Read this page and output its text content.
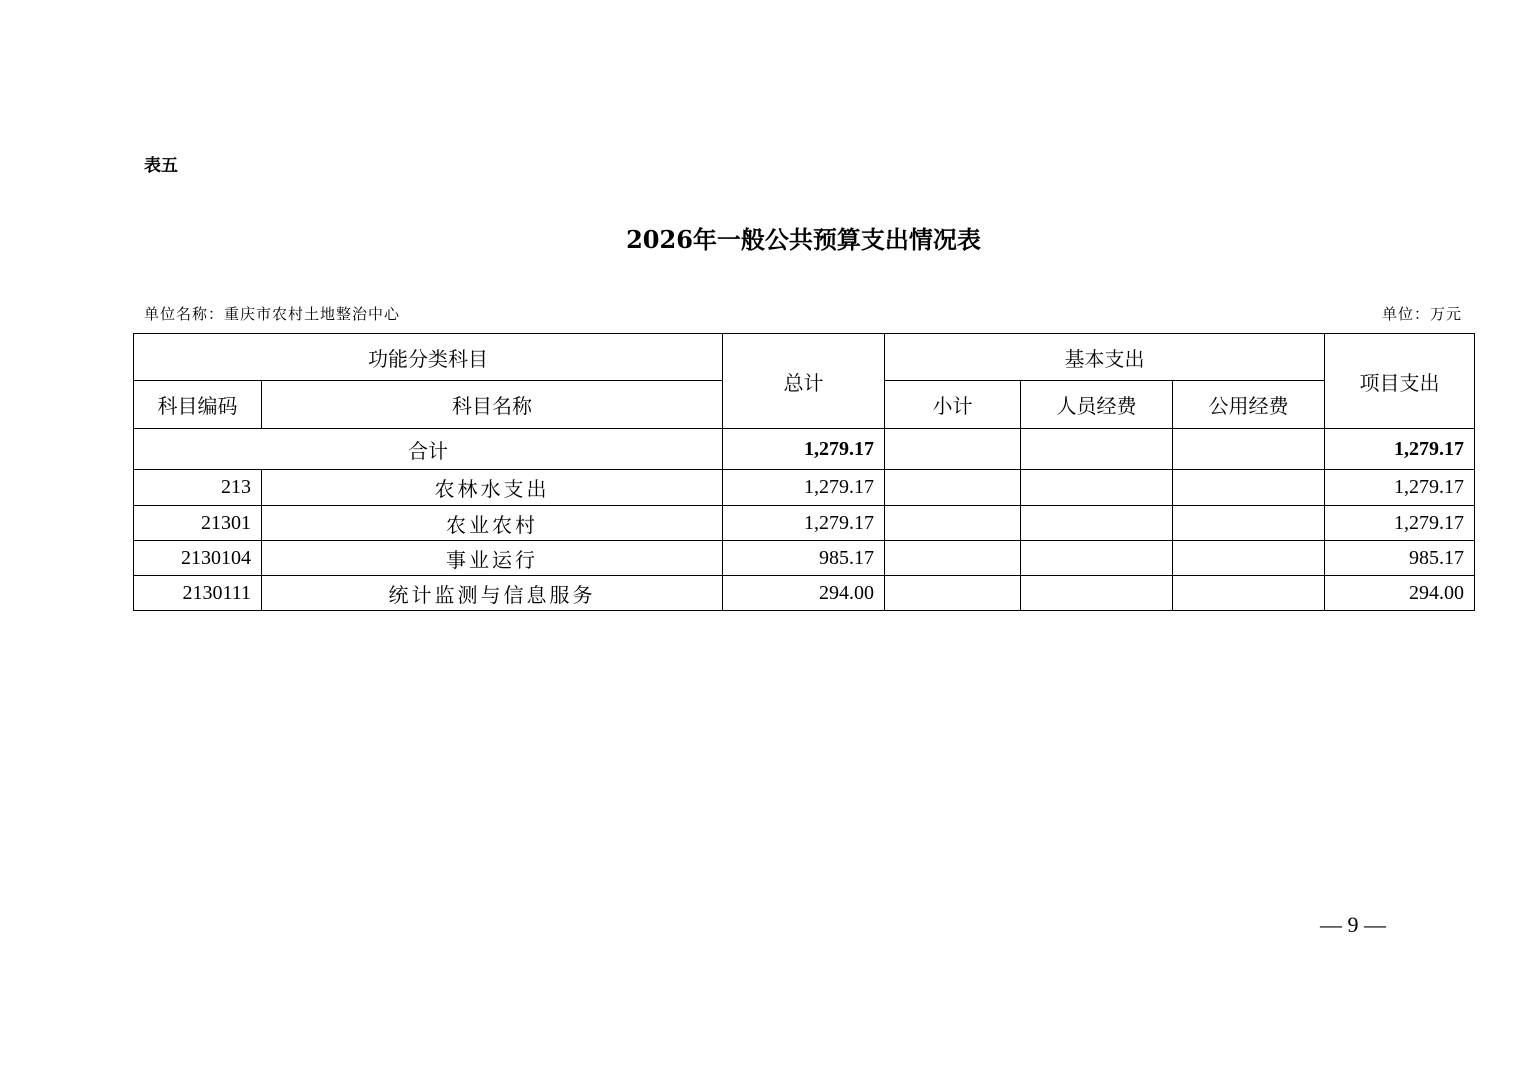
表五
2026年一般公共预算支出情况表
单位名称：重庆市农村土地整治中心	单位：万元
功能分类科目		总计	基本支出			项目支出
科目编码	科目名称		小计	人员经费	公用经费	
合计		1,279.17				1,279.17
213	农林水支出	1,279.17				1,279.17
21301	农业农村	1,279.17				1,279.17
2130104	事业运行	985.17				985.17
2130111	统计监测与信息服务	294.00				294.00
— 9 —
